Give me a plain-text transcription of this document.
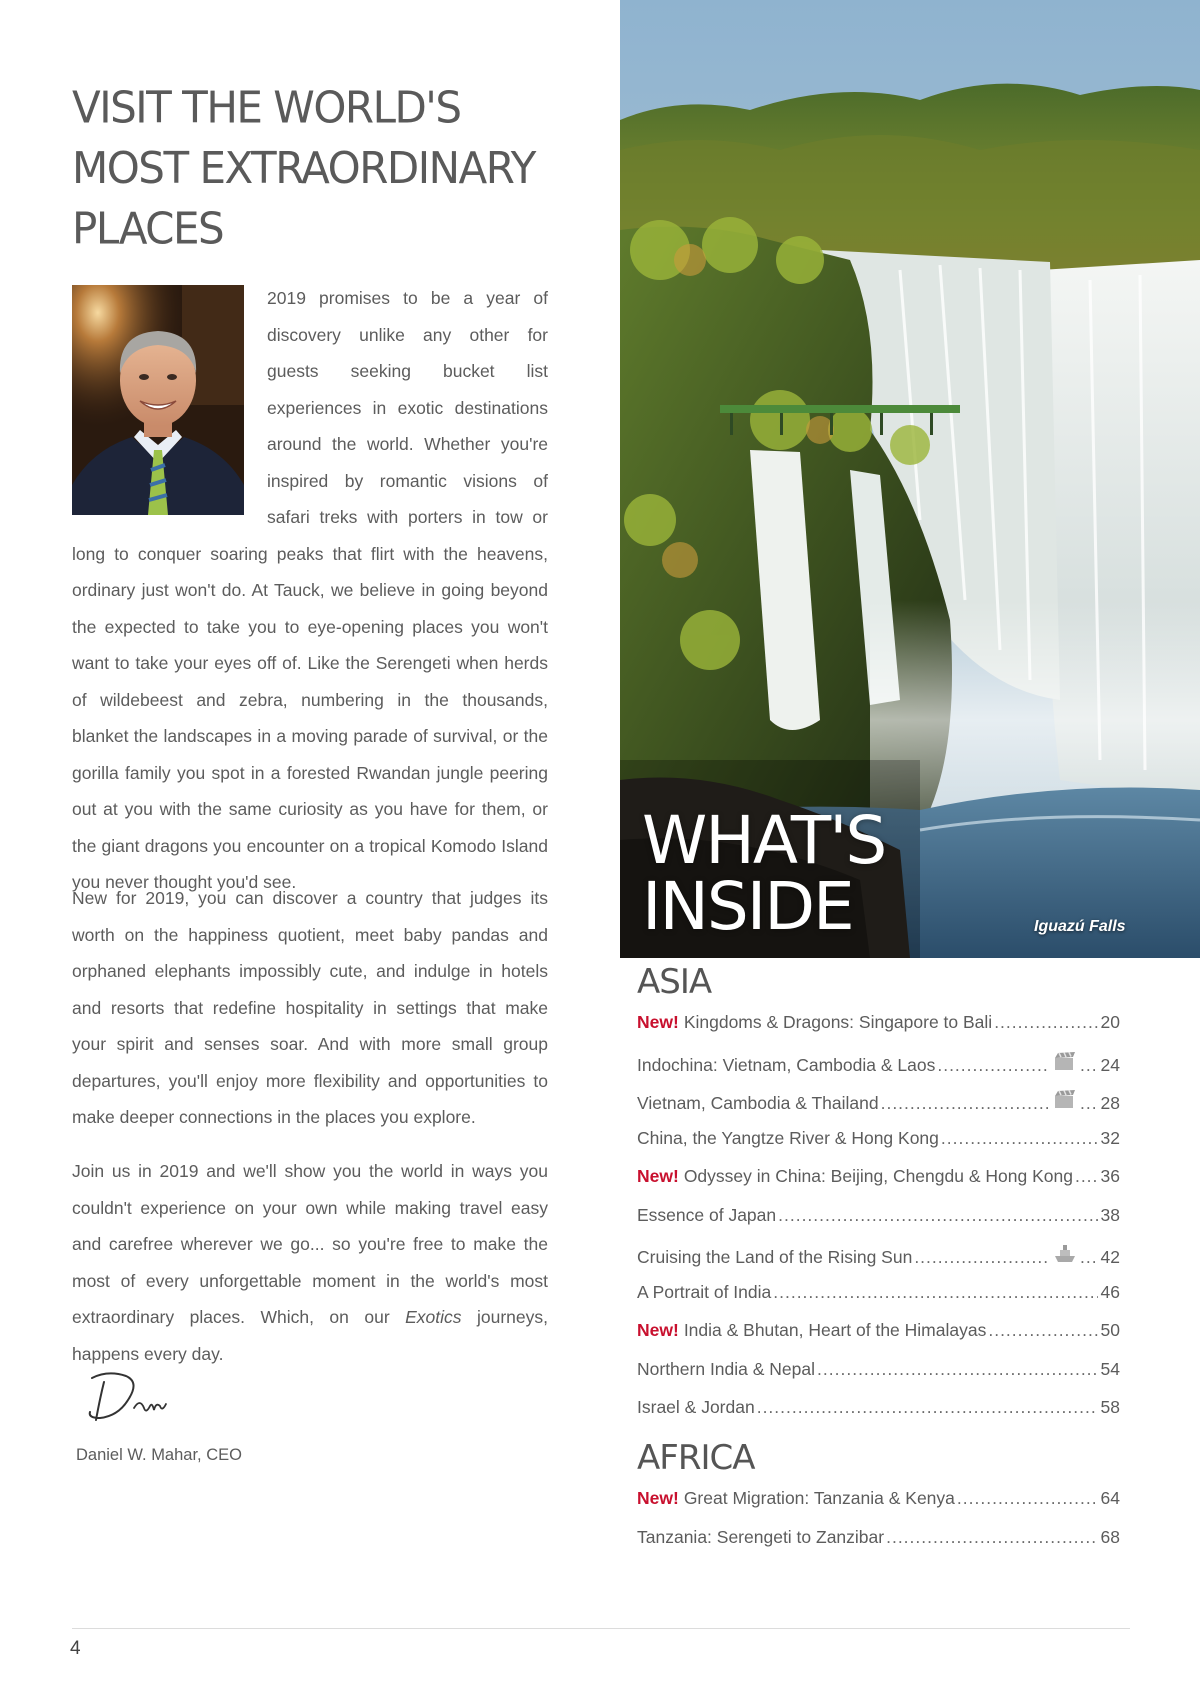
VISIT THE WORLD'S
MOST EXTRAORDINARY
PLACES

2019 promises to be a year of discovery unlike any other for guests seeking bucket list experiences in exotic destinations around the world. Whether you're inspired by romantic visions of safari treks with porters in tow or long to conquer soaring peaks that flirt with the heavens, ordinary just won't do. At Tauck, we believe in going beyond the expected to take you to eye-opening places you won't want to take your eyes off of. Like the Serengeti when herds of wildebeest and zebra, numbering in the thousands, blanket the landscapes in a moving parade of survival, or the gorilla family you spot in a forested Rwandan jungle peering out at you with the same curiosity as you have for them, or the giant dragons you encounter on a tropical Komodo Island you never thought you'd see.

New for 2019, you can discover a country that judges its worth on the happiness quotient, meet baby pandas and orphaned elephants impossibly cute, and indulge in hotels and resorts that redefine hospitality in settings that make your spirit and senses soar. And with more small group departures, you'll enjoy more flexibility and opportunities to make deeper connections in the places you explore.

Join us in 2019 and we'll show you the world in ways you couldn't experience on your own while making travel easy and carefree wherever we go... so you're free to make the most of every unforgettable moment in the world's most extraordinary places. Which, on our Exotics journeys, happens every day.

Daniel W. Mahar, CEO
4
WHAT'S
INSIDE	Iguazú Falls
ASIA
New! Kingdoms & Dragons: Singapore to Bali .....	20
Indochina: Vietnam, Cambodia & Laos ..... .....	24
Vietnam, Cambodia & Thailand ..... .....	28
China, the Yangtze River & Hong Kong .....	32
New! Odyssey in China: Beijing, Chengdu & Hong Kong ..... 36
Essence of Japan .....	38
Cruising the Land of the Rising Sun ..... .....	42
A Portrait of India .....	46
New! India & Bhutan, Heart of the Himalayas .....	50
Northern India & Nepal .....	54
Israel & Jordan .....	58
AFRICA
New! Great Migration: Tanzania & Kenya .....	64
Tanzania: Serengeti to Zanzibar .....	68
